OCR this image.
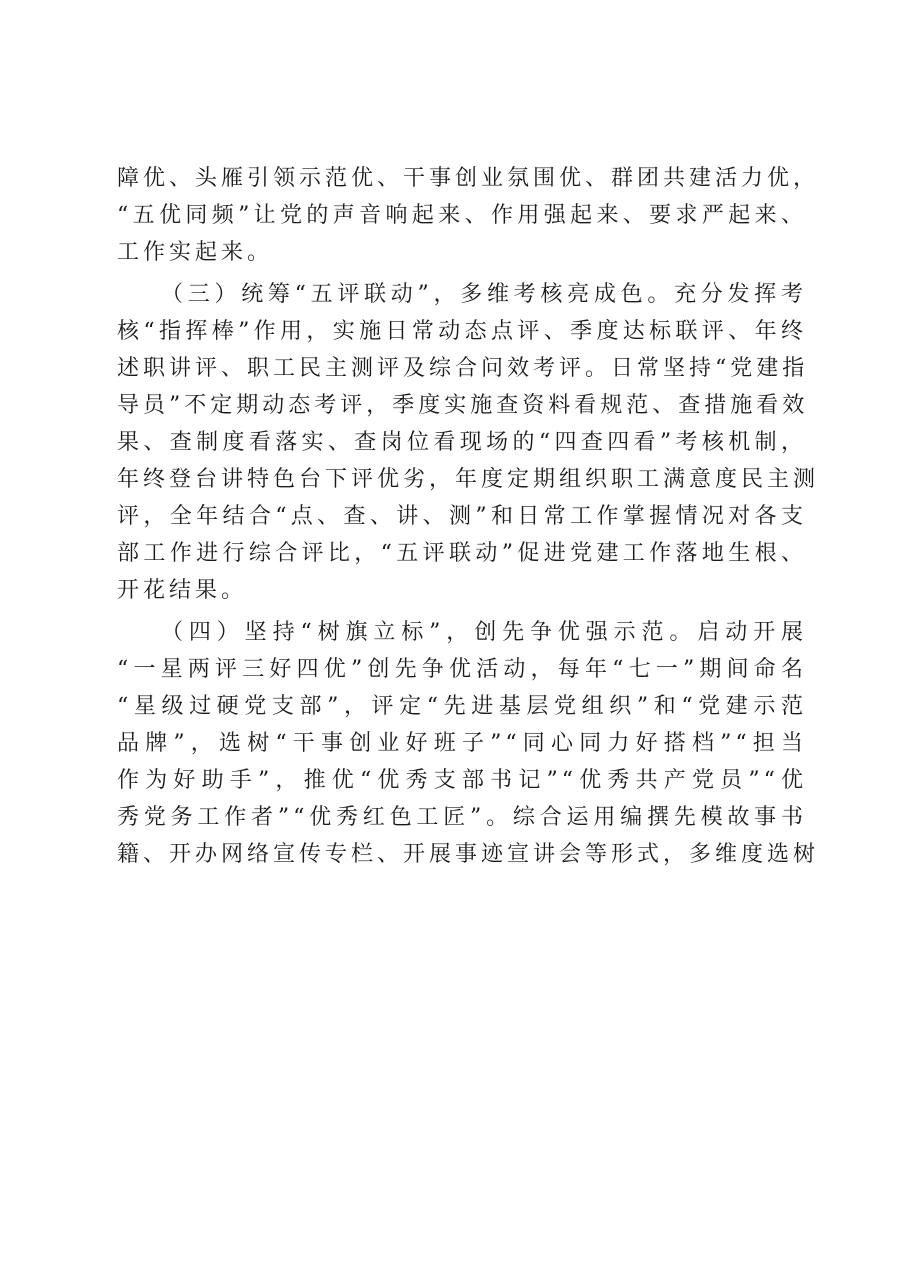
障优、头雁引领示范优、干事创业氛围优、群团共建活力优，
“五优同频”让党的声音响起来、作用强起来、要求严起来、
工作实起来。
（三）统筹“五评联动”，多维考核亮成色。充分发挥考
核“指挥棒”作用，实施日常动态点评、季度达标联评、年终
述职讲评、职工民主测评及综合问效考评。日常坚持“党建指
导员”不定期动态考评，季度实施查资料看规范、查措施看效
果、查制度看落实、查岗位看现场的“四查四看”考核机制，
年终登台讲特色台下评优劣，年度定期组织职工满意度民主测
评，全年结合“点、查、讲、测”和日常工作掌握情况对各支
部工作进行综合评比，“五评联动”促进党建工作落地生根、
开花结果。
（四）坚持“树旗立标”，创先争优强示范。启动开展
“一星两评三好四优”创先争优活动，每年“七一”期间命名
“星级过硬党支部”，评定“先进基层党组织”和“党建示范
品牌”，选树“干事创业好班子”“同心同力好搭档”“担当
作为好助手”，推优“优秀支部书记”“优秀共产党员”“优
秀党务工作者”“优秀红色工匠”。综合运用编撰先模故事书
籍、开办网络宣传专栏、开展事迹宣讲会等形式，多维度选树
